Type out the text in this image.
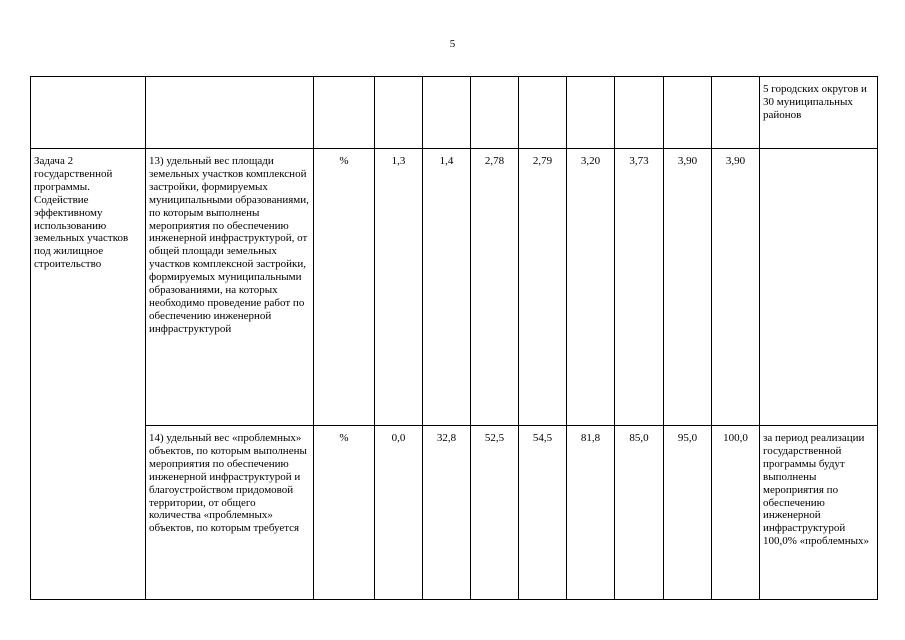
5
											5 городских округов и 30 муниципальных районов
Задача 2 государственной программы. Содействие эффективному использованию земельных участков под жилищное строительство	13) удельный вес площади земельных участков комплексной застройки, формируемых муниципальными образованиями, по которым выполнены мероприятия по обеспечению инженерной инфраструктурой, от общей площади земельных участков комплексной застройки, формируемых муниципальными образованиями, на которых необходимо проведение работ по обеспечению инженерной инфраструктурой	%	1,3	1,4	2,78	2,79	3,20	3,73	3,90	3,90	
	14) удельный вес «проблемных» объектов, по которым выполнены мероприятия по обеспечению инженерной инфраструктурой и благоустройством придомовой территории, от общего количества «проблемных» объектов, по которым требуется	%	0,0	32,8	52,5	54,5	81,8	85,0	95,0	100,0	за период реализации государственной программы будут выполнены мероприятия по обеспечению инженерной инфраструктурой 100,0% «проблемных»
